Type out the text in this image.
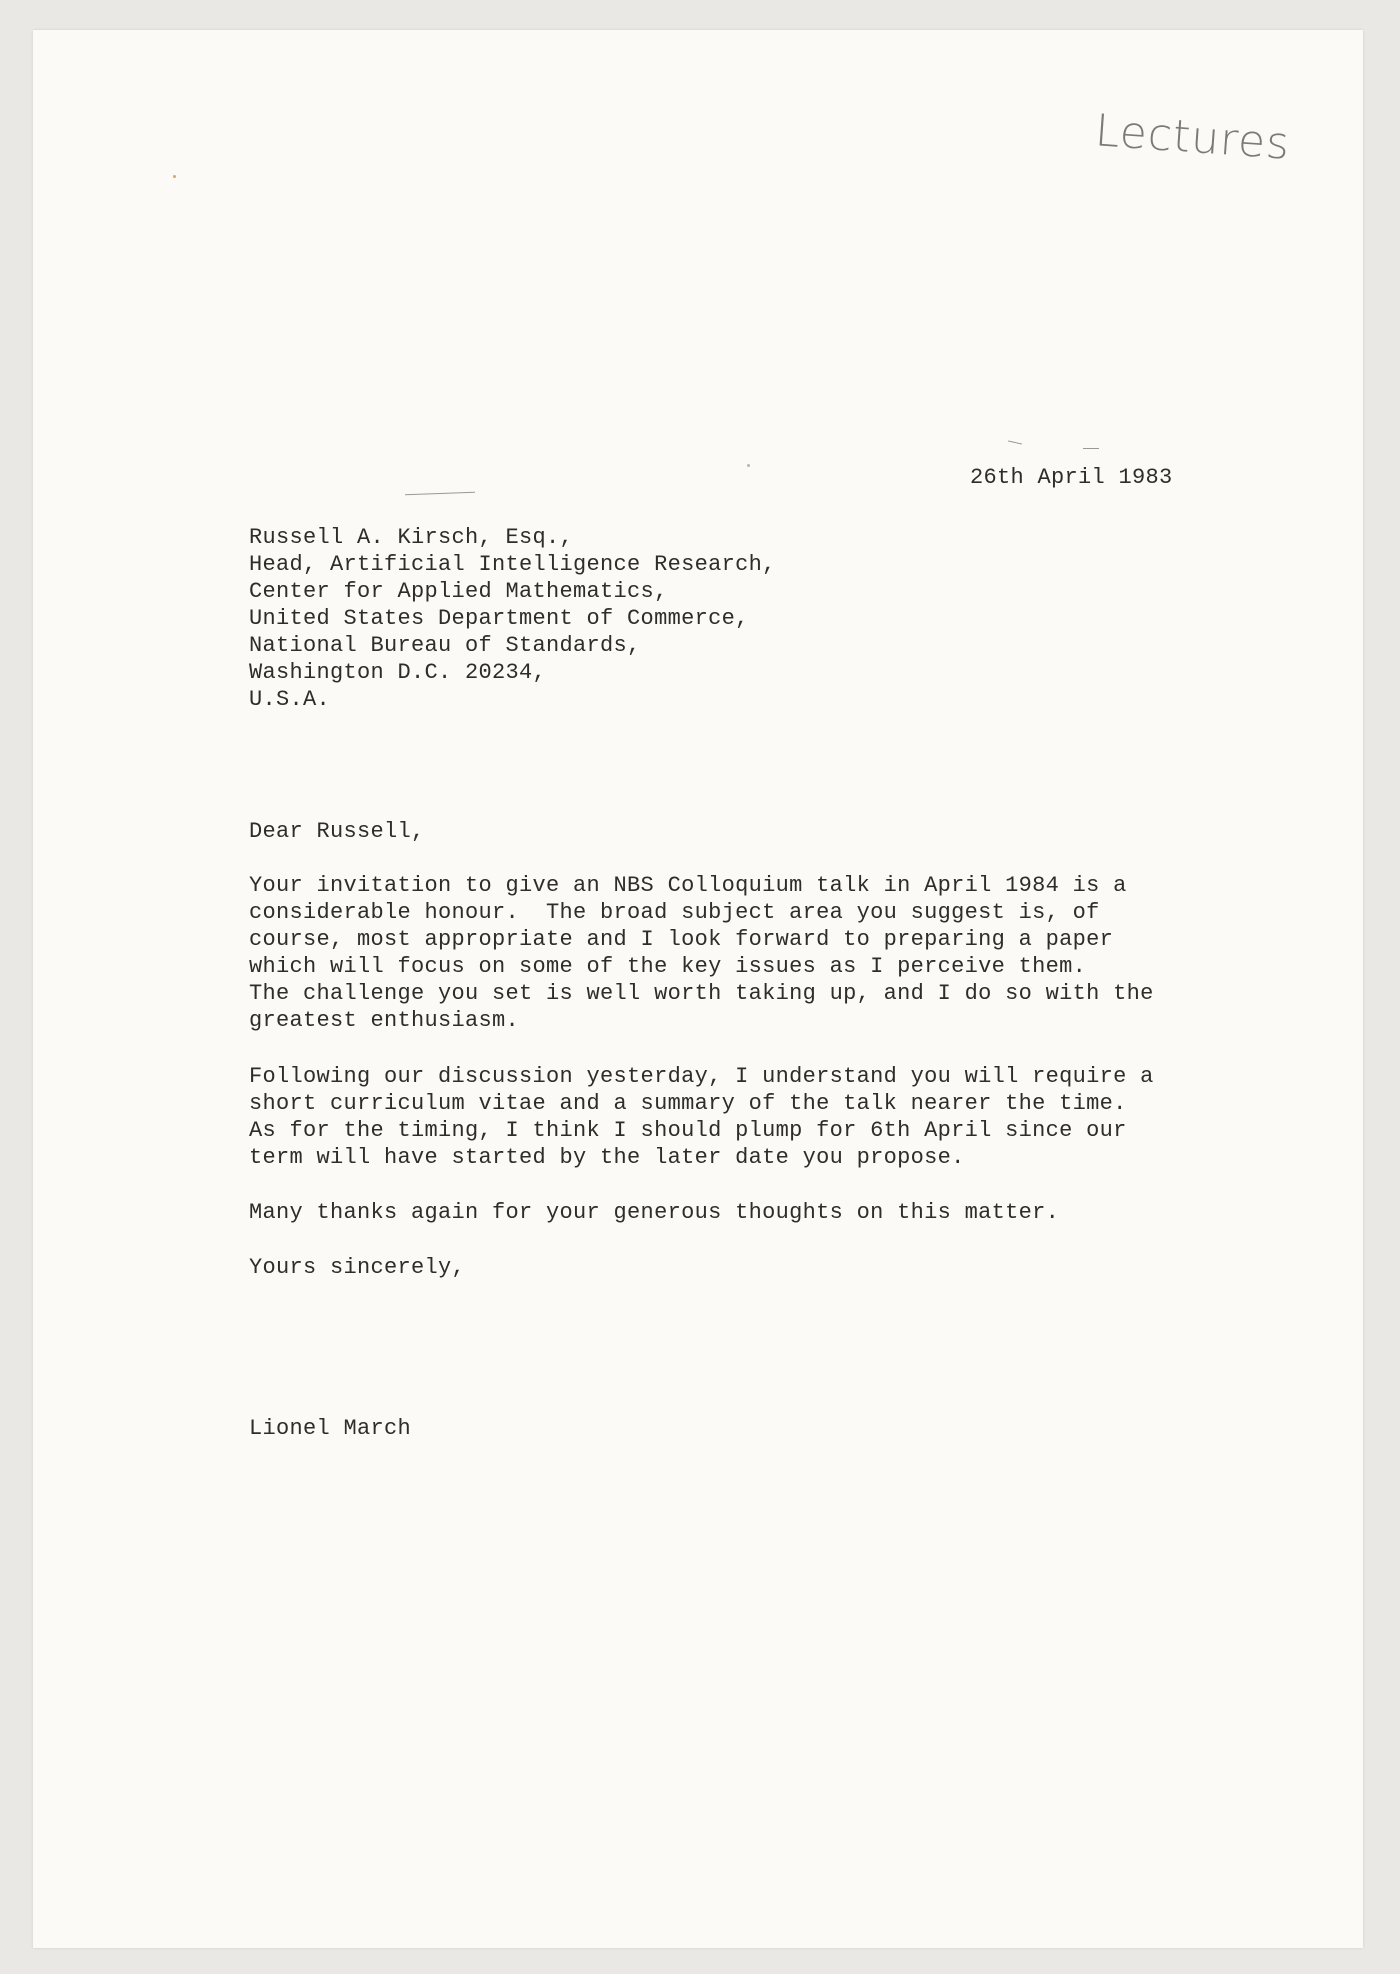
Lectures

26th April 1983

Russell A. Kirsch, Esq.,
Head, Artificial Intelligence Research,
Center for Applied Mathematics,
United States Department of Commerce,
National Bureau of Standards,
Washington D.C. 20234,
U.S.A.

Dear Russell,

Your invitation to give an NBS Colloquium talk in April 1984 is a
considerable honour.  The broad subject area you suggest is, of
course, most appropriate and I look forward to preparing a paper
which will focus on some of the key issues as I perceive them.
The challenge you set is well worth taking up, and I do so with the
greatest enthusiasm.
Following our discussion yesterday, I understand you will require a
short curriculum vitae and a summary of the talk nearer the time.
As for the timing, I think I should plump for 6th April since our
term will have started by the later date you propose.
Many thanks again for your generous thoughts on this matter.

Yours sincerely,

Lionel March
